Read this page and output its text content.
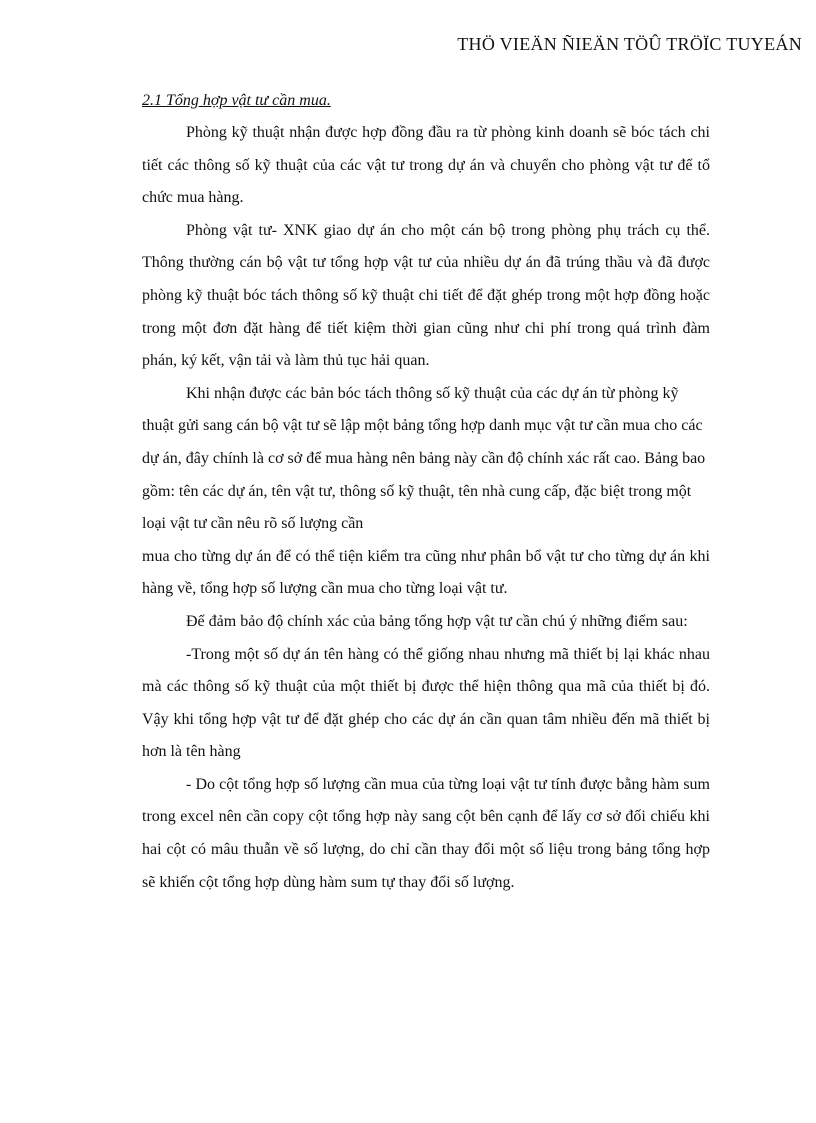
THÖ VIEÄN ÑIEÄN TÖÛ TRÖÏC TUYEÁN
2.1 Tổng hợp vật tư cần mua.

Phòng kỹ thuật nhận được hợp đồng đầu ra từ phòng kinh doanh sẽ bóc tách chi tiết các thông số kỹ thuật của các vật tư trong dự án và chuyển cho phòng vật tư để tổ chức mua hàng.

Phòng vật tư- XNK giao dự án cho một cán bộ trong phòng phụ trách cụ thể. Thông thường cán bộ vật tư tổng hợp vật tư của nhiều dự án đã trúng thầu và đã được phòng kỹ thuật bóc tách thông số kỹ thuật chi tiết để đặt ghép trong một hợp đồng hoặc trong một đơn đặt hàng để tiết kiệm thời gian cũng như chi phí trong quá trình đàm phán, ký kết, vận tải và làm thủ tục hải quan.

Khi nhận được các bản bóc tách thông số kỹ thuật của các dự án từ phòng kỹ thuật gửi sang cán bộ vật tư sẽ lập một bảng tổng hợp danh mục vật tư cần mua cho các dự án, đây chính là cơ sở để mua hàng nên bảng này cần độ chính xác rất cao. Bảng bao gồm: tên các dự án, tên vật tư, thông số kỹ thuật, tên nhà cung cấp, đặc biệt trong một loại vật tư cần nêu rõ số lượng cần

mua cho từng dự án để có thể tiện kiểm tra cũng như phân bổ vật tư cho từng dự án khi hàng về, tổng hợp số lượng cần mua cho từng loại vật tư.

Để đảm bảo độ chính xác của bảng tổng hợp vật tư cần chú ý những điểm sau:

-Trong một số dự án tên hàng có thể giống nhau nhưng mã thiết bị lại khác nhau mà các thông số kỹ thuật của một thiết bị được thể hiện thông qua mã của thiết bị đó. Vậy khi tổng hợp vật tư để đặt ghép cho các dự án cần quan tâm nhiều đến mã thiết bị hơn là tên hàng

- Do cột tổng hợp số lượng cần mua của từng loại vật tư tính được bằng hàm sum trong excel nên cần copy cột tổng hợp này sang cột bên cạnh để lấy cơ sở đối chiếu khi hai cột có mâu thuẫn về số lượng, do chỉ cần thay đổi một số liệu trong bảng tổng hợp sẽ khiến cột tổng hợp dùng hàm sum tự thay đổi số lượng.
